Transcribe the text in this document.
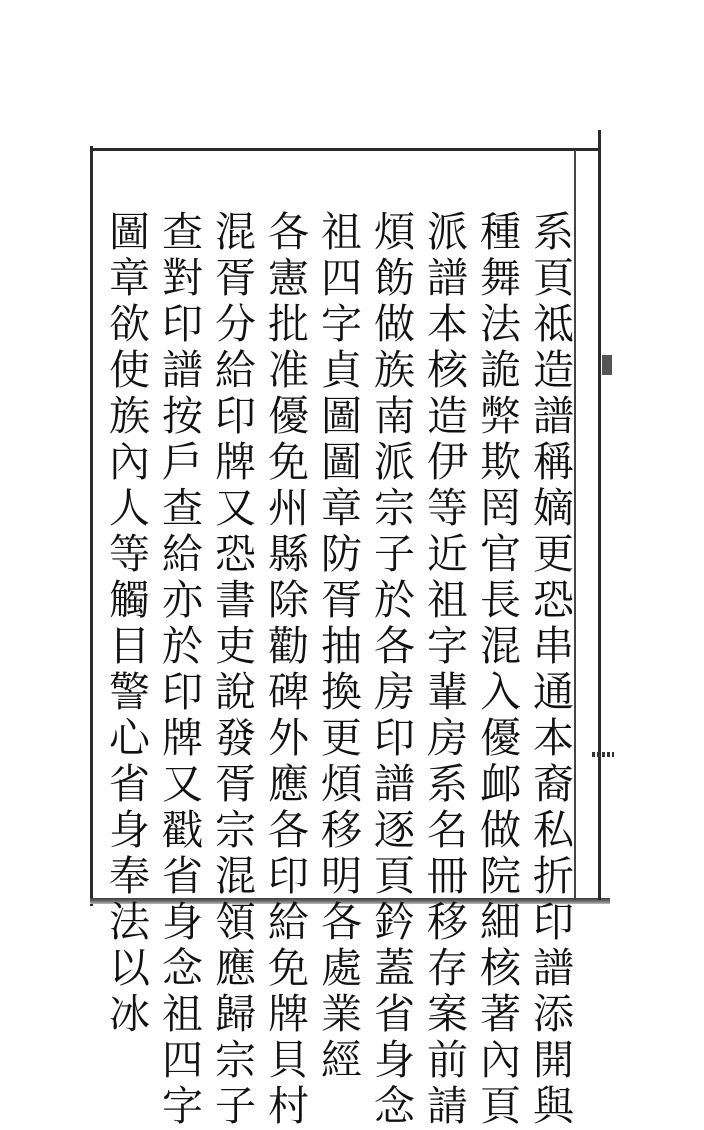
系頁祗造譜稱嫡更恐串通本裔私折印譜添開與
種舞法詭弊欺罔官長混入優䘏做院細核著內頁
派譜本核造伊等近祖字輩房系名冊移存案前請
煩飭做族南派宗子於各房印譜逐頁鈐蓋省身念
祖四字貞圖圖章防胥抽換更煩移明各處業經
各憲批准優免州縣除勸碑外應各印給免牌貝村
混胥分給印牌又恐書吏說發胥宗混領應歸宗子
查對印譜按戶查給亦於印牌又戳省身念祖四字
圖章欲使族內人等觸目警心省身奉法以冰
